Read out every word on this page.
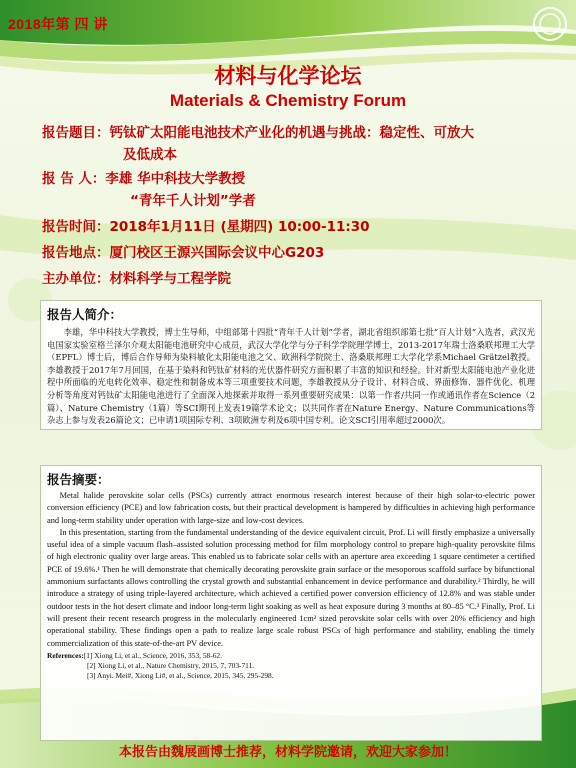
2018年第 四 讲
材料与化学论坛
Materials & Chemistry Forum
报告题目：钙钛矿太阳能电池技术产业化的机遇与挑战：稳定性、可放大
及低成本
报 告 人：李雄 华中科技大学教授
“青年千人计划”学者
报告时间：2018年1月11日 (星期四) 10:00-11:30
报告地点：厦门校区王源兴国际会议中心G203
主办单位：材料科学与工程学院
报告人简介：

李雄，华中科技大学教授，博士生导师，中组部第十四批“青年千人计划”学者，湖北省组织部第七批“百人计划”入选者，武汉光电国家实验室格兰泽尔介观太阳能电池研究中心成员，武汉大学化学与分子科学学院理学博士，2013-2017年瑞士洛桑联邦理工大学（EPFL）博士后，博后合作导师为染料敏化太阳能电池之父、欧洲科学院院士、洛桑联邦理工大学化学系Michael Grätzel教授。李雄教授于2017年7月回国，在基于染料和钙钛矿材料的光伏器件研究方面积累了丰富的知识和经验。针对新型太阳能电池产业化进程中所面临的光电转化效率、稳定性和制备成本等三项重要技术问题，李雄教授从分子设计、材料合成、界面修饰、器件优化、机理分析等角度对钙钛矿太阳能电池进行了全面深入地探索并取得一系列重要研究成果：以第一作者/共同一作或通讯作者在Science（2篇）、Nature Chemistry（1篇）等SCI期刊上发表19篇学术论文；以共同作者在Nature Energy、Nature Communications等杂志上参与发表26篇论文；已申请1项国际专利、3项欧洲专利及6项中国专利。论文SCI引用率超过2000次。

报告摘要：

Metal halide perovskite solar cells (PSCs) currently attract enormous research interest because of their high solar-to-electric power conversion efficiency (PCE) and low fabrication costs, but their practical development is hampered by difficulties in achieving high performance and long-term stability under operation with large-size and low-cost devices.

In this presentation, starting from the fundamental understanding of the device equivalent circuit, Prof. Li will firstly emphasize a universally useful idea of a simple vacuum flash–assisted solution processing method for film morphology control to prepare high-quality perovskite films of high electronic quality over large areas. This enabled us to fabricate solar cells with an aperture area exceeding 1 square centimeter a certified PCE of 19.6%.¹ Then he will demonstrate that chemically decorating perovskite grain surface or the mesoporous scaffold surface by bifunctional ammonium surfactants allows controlling the crystal growth and substantial enhancement in device performance and durability.² Thirdly, he will introduce a strategy of using triple-layered architecture, which achieved a certified power conversion efficiency of 12.8% and was stable under outdoor tests in the hot desert climate and indoor long-term light soaking as well as heat exposure during 3 months at 80–85 °C.³ Finally, Prof. Li will present their recent research progress in the molecularly engineered 1cm² sized perovskite solar cells with over 20% efficiency and high operational stability. These findings open a path to realize large scale robust PSCs of high performance and stability, enabling the timely commercialization of this state-of-the-art PV device.

References:[1] Xiong Li, et al., Science, 2016, 353, 58-62.
[2] Xiong Li, et al., Nature Chemistry, 2015, 7, 703-711.
[3] Anyi. Mei#, Xiong Li#, et al., Science, 2015, 345, 295-298.
本报告由魏展画博士推荐，材料学院邀请，欢迎大家参加！
